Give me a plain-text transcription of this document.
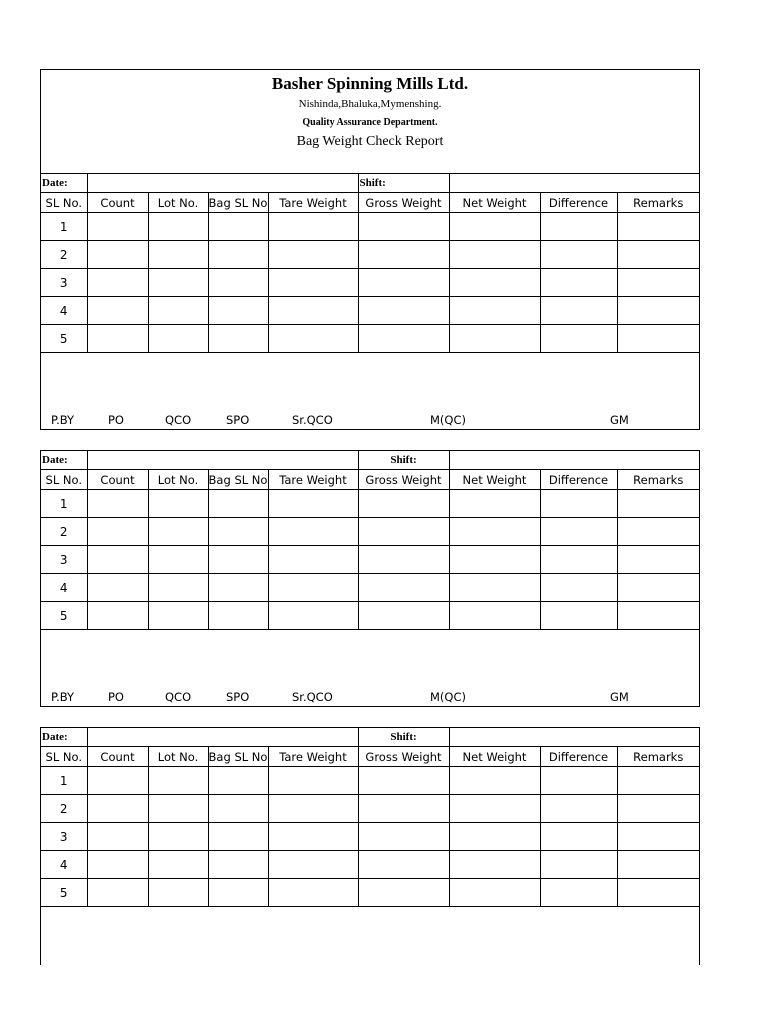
Basher Spinning Mills Ltd.
Nishinda,Bhaluka,Mymenshing.
Quality Assurance Department.
Bag Weight Check Report
Date:					Shift:			
SL No.	Count	Lot No.	Bag SL No	Tare Weight	Gross Weight	Net Weight	Difference	Remarks
1								
2								
3								
4								
5								
P.BY	PO	QCO	SPO	Sr.QCO	M(QC)	GM
Date:					Shift:			
SL No.	Count	Lot No.	Bag SL No	Tare Weight	Gross Weight	Net Weight	Difference	Remarks
1								
2								
3								
4								
5								
P.BY	PO	QCO	SPO	Sr.QCO	M(QC)	GM
Date:					Shift:			
SL No.	Count	Lot No.	Bag SL No	Tare Weight	Gross Weight	Net Weight	Difference	Remarks
1								
2								
3								
4								
5								
